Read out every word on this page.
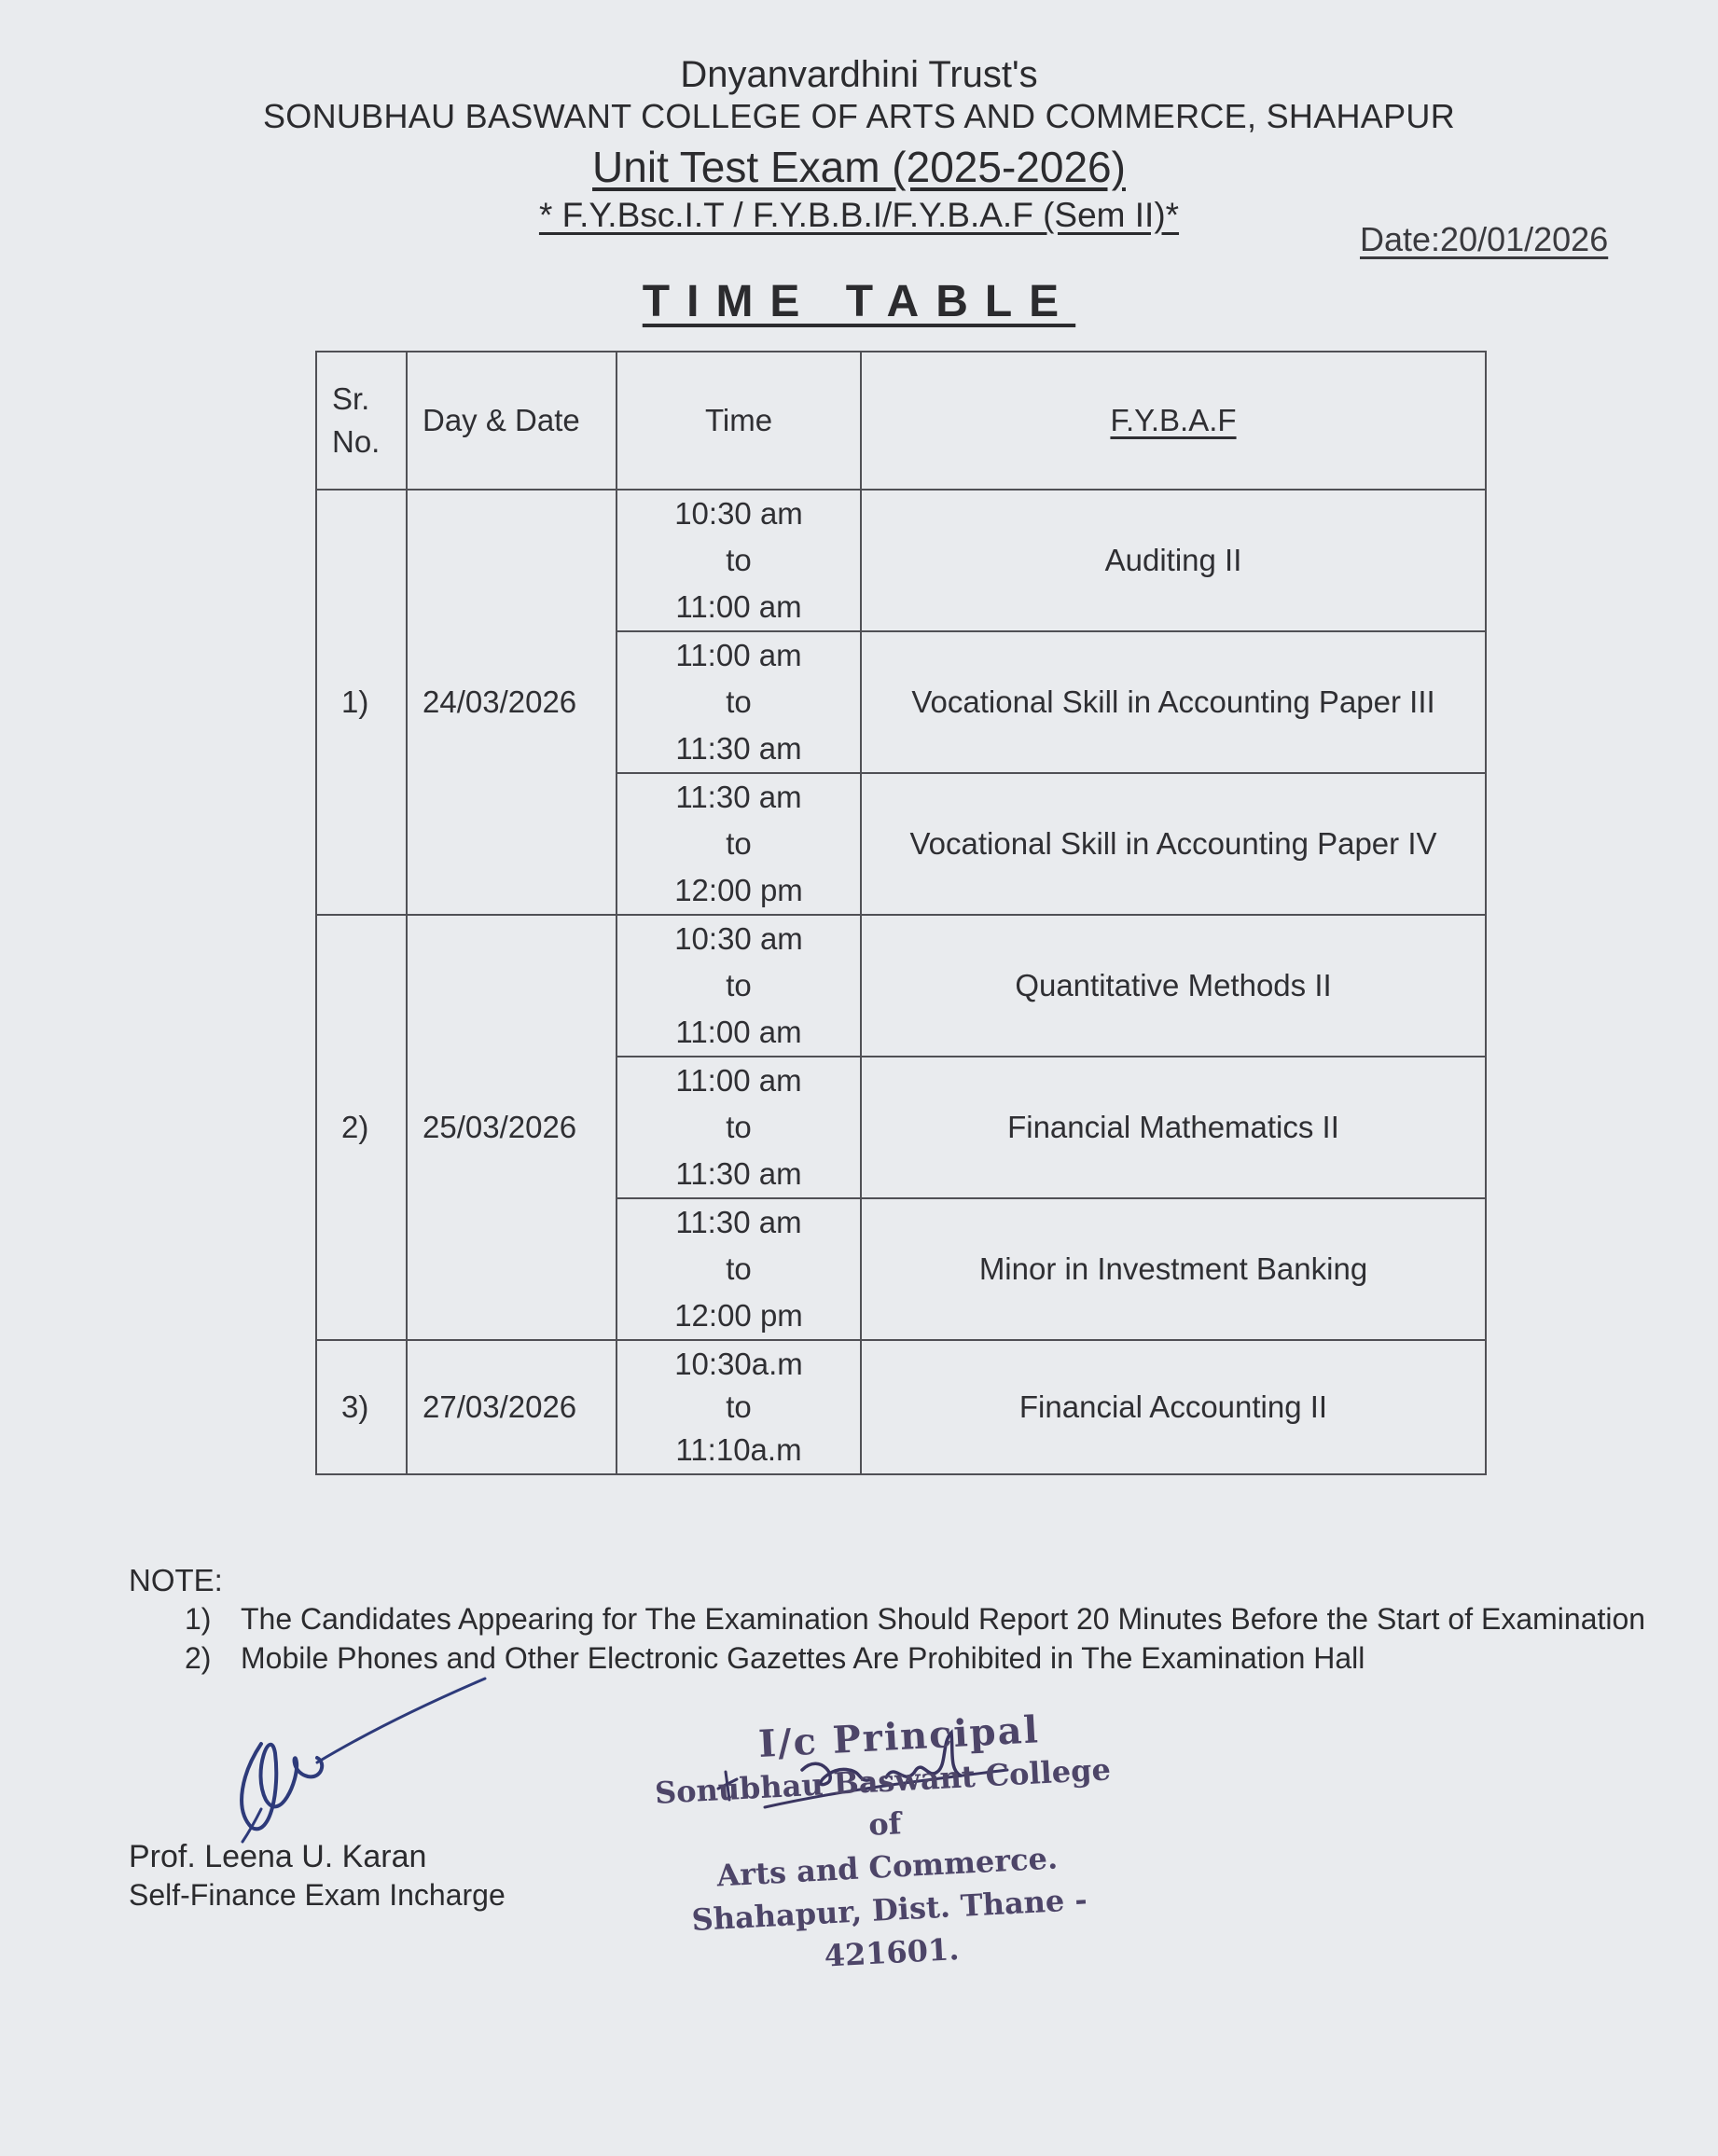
Dnyanvardhini Trust's
SONUBHAU BASWANT COLLEGE OF ARTS AND COMMERCE, SHAHAPUR
Unit Test Exam (2025-2026)
* F.Y.Bsc.I.T / F.Y.B.B.I/F.Y.B.A.F (Sem II)*
Date:20/01/2026
TIME TABLE
Sr.
No.	Day & Date	Time	F.Y.B.A.F
1)	24/03/2026	10:30 am
to
11:00 am	Auditing II

		11:00 am
to
11:30 am	Vocational Skill in Accounting Paper III

		11:30 am
to
12:00 pm	Vocational Skill in Accounting Paper IV
2)	25/03/2026	10:30 am
to
11:00 am	Quantitative Methods II

		11:00 am
to
11:30 am	Financial Mathematics II

		11:30 am
to
12:00 pm	Minor in Investment Banking
3)	27/03/2026	10:30a.m
to
11:10a.m	Financial Accounting II
NOTE:
1) The Candidates Appearing for The Examination Should Report 20 Minutes Before the Start of Examination
2) Mobile Phones and Other Electronic Gazettes Are Prohibited in The Examination Hall
Prof. Leena U. Karan
Self-Finance Exam Incharge
I/c Principal
Sonubhau Baswant College of
Arts and Commerce.
Shahapur, Dist. Thane - 421601.
